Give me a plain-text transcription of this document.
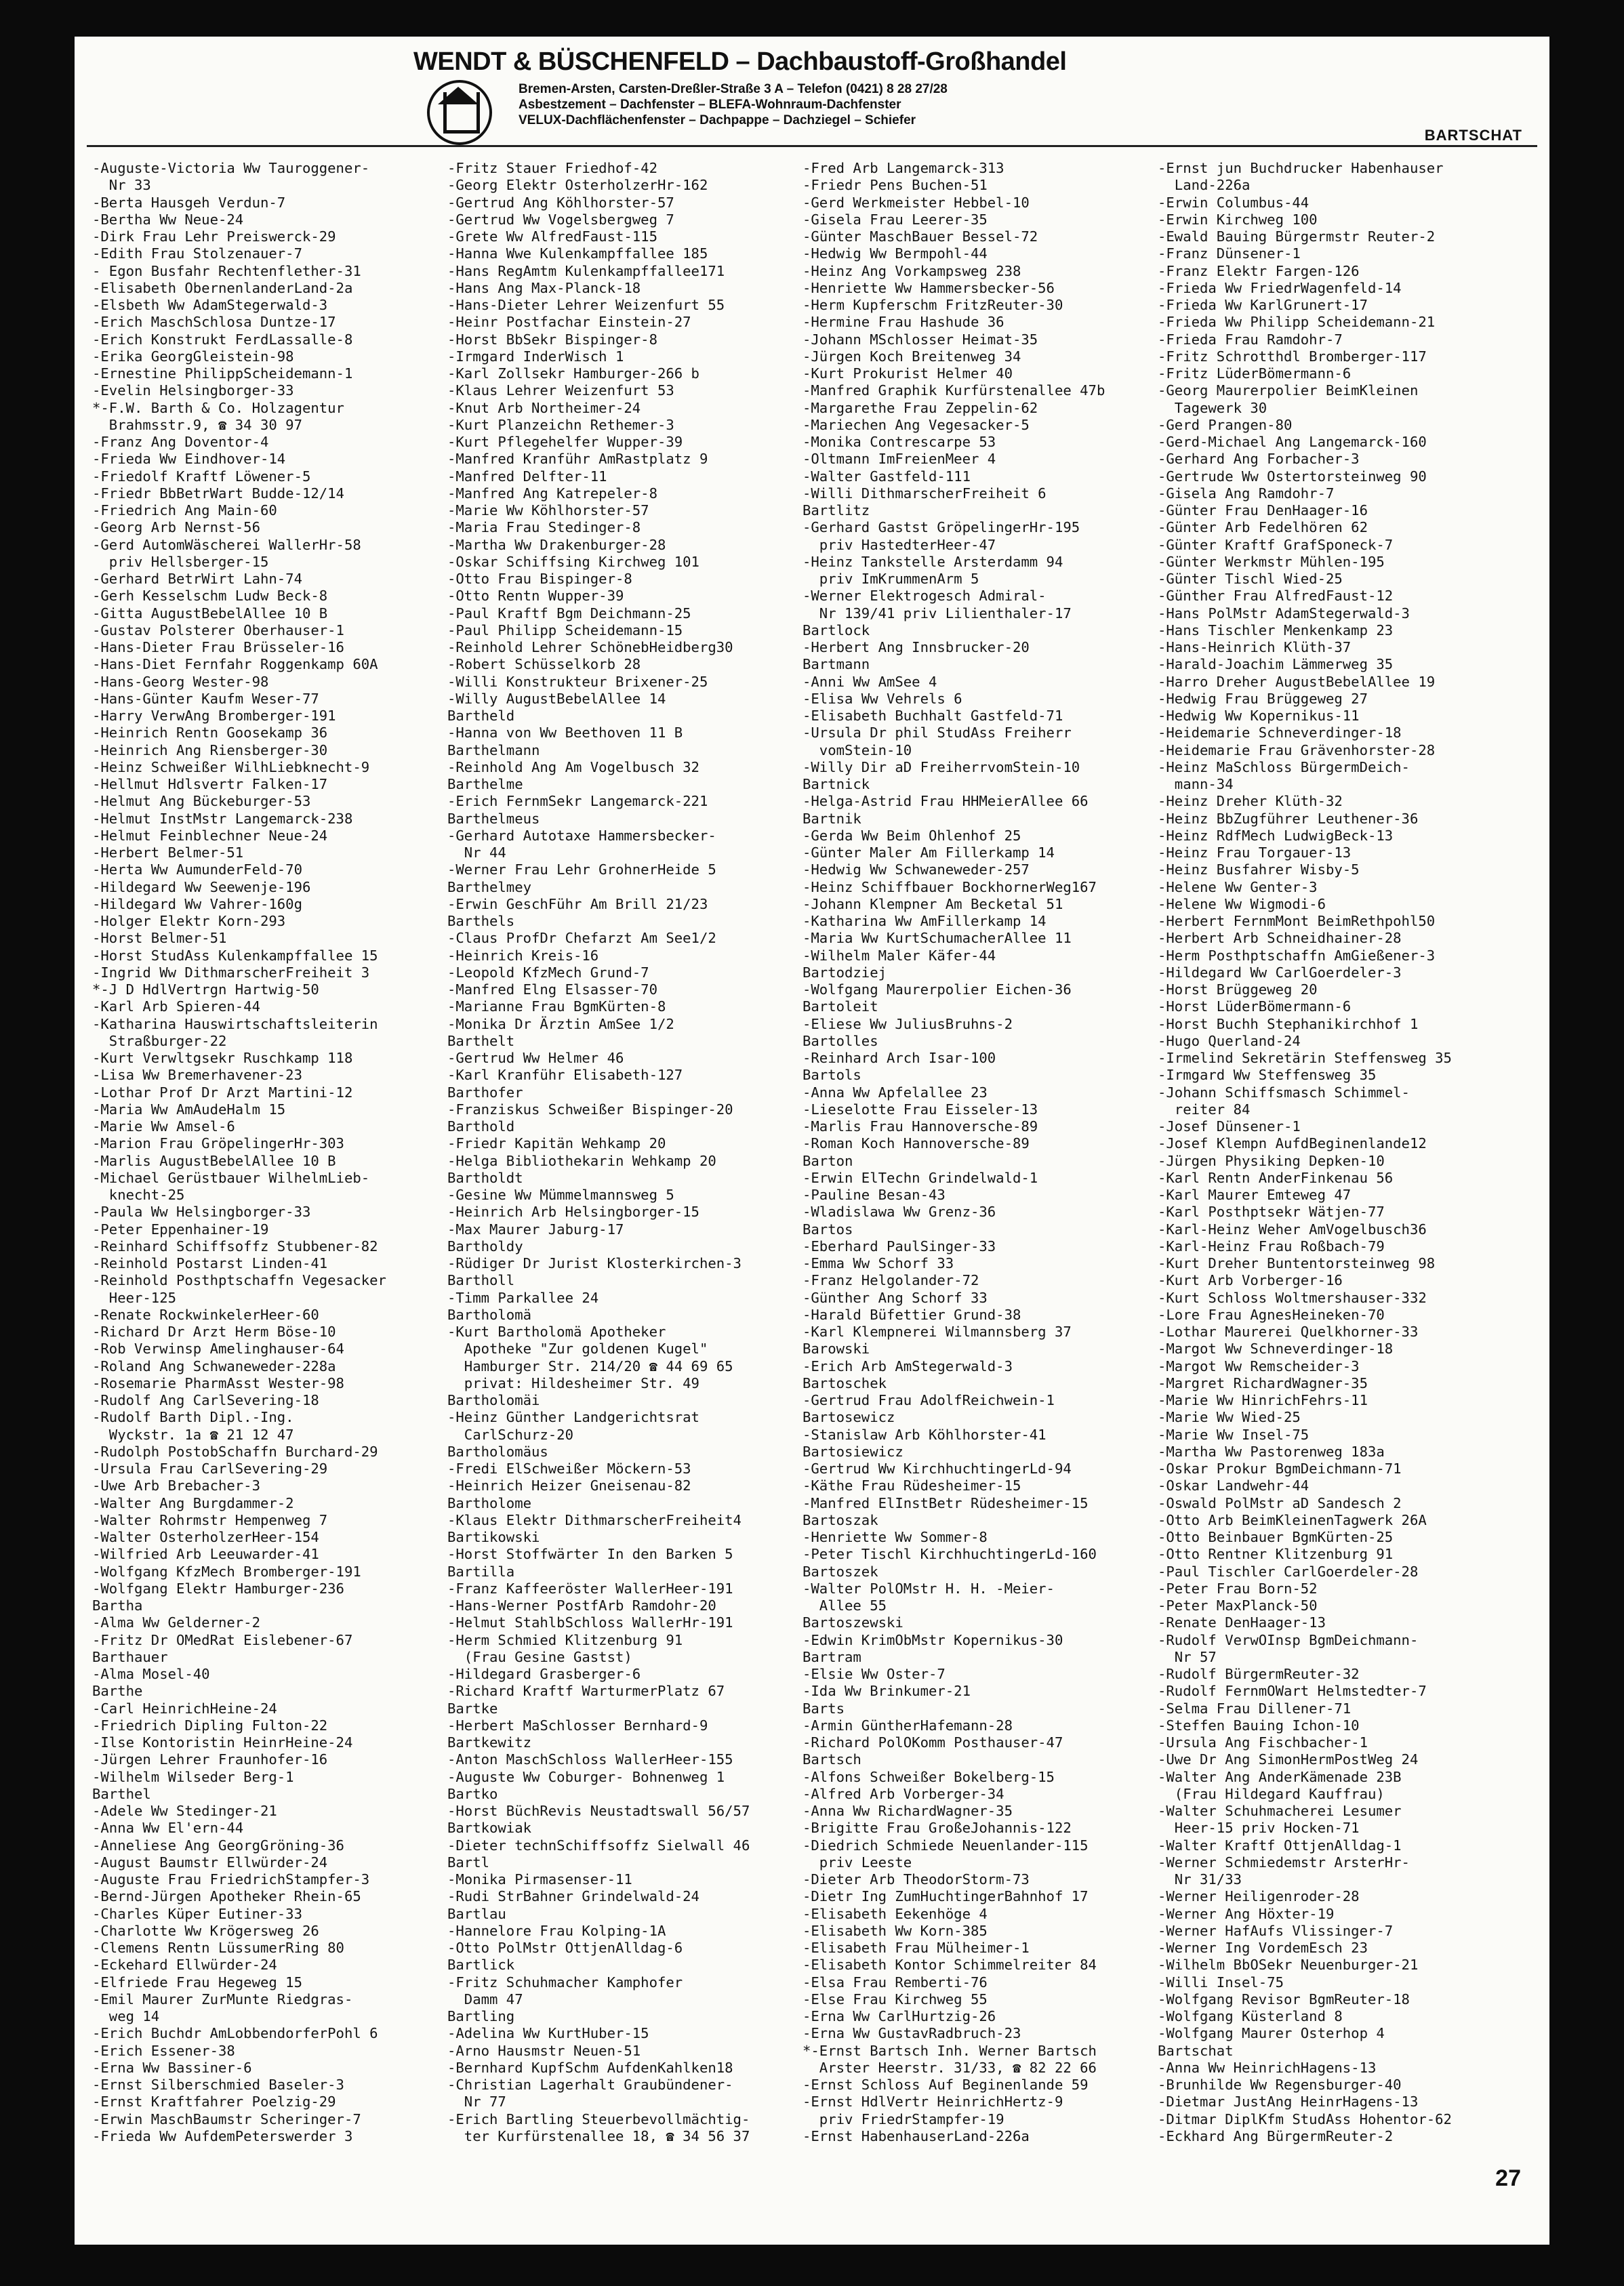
WENDT & BÜSCHENFELD – Dachbaustoff-Großhandel
Bremen-Arsten, Carsten-Dreßler-Straße 3 A – Telefon (0421) 8 28 27/28
Asbestzement – Dachfenster – BLEFA-Wohnraum-Dachfenster
VELUX-Dachflächenfenster – Dachpappe – Dachziegel – Schiefer
BARTSCHAT
-Auguste-Victoria Ww Tauroggener-
Nr 33
-Berta Hausgeh Verdun-7
-Bertha Ww Neue-24
-Dirk Frau Lehr Preiswerck-29
-Edith Frau Stolzenauer-7
- Egon Busfahr Rechtenflether-31
-Elisabeth ObernenlanderLand-2a
-Elsbeth Ww AdamStegerwald-3
-Erich MaschSchlosa Duntze-17
-Erich Konstrukt FerdLassalle-8
-Erika GeorgGleistein-98
-Ernestine PhilippScheidemann-1
-Evelin Helsingborger-33
*-F.W. Barth & Co. Holzagentur
Brahmsstr.9, ☎ 34 30 97
-Franz Ang Doventor-4
-Frieda Ww Eindhover-14
-Friedolf Kraftf Löwener-5
-Friedr BbBetrWart Budde-12/14
-Friedrich Ang Main-60
-Georg Arb Nernst-56
-Gerd AutomWäscherei WallerHr-58
priv Hellsberger-15
-Gerhard BetrWirt Lahn-74
-Gerh Kesselschm Ludw Beck-8
-Gitta AugustBebelAllee 10 B
-Gustav Polsterer Oberhauser-1
-Hans-Dieter Frau Brüsseler-16
-Hans-Diet Fernfahr Roggenkamp 60A
-Hans-Georg Wester-98
-Hans-Günter Kaufm Weser-77
-Harry VerwAng Bromberger-191
-Heinrich Rentn Goosekamp 36
-Heinrich Ang Riensberger-30
-Heinz Schweißer WilhLiebknecht-9
-Hellmut Hdlsvertr Falken-17
-Helmut Ang Bückeburger-53
-Helmut InstMstr Langemarck-238
-Helmut Feinblechner Neue-24
-Herbert Belmer-51
-Herta Ww AumunderFeld-70
-Hildegard Ww Seewenje-196
-Hildegard Ww Vahrer-160g
-Holger Elektr Korn-293
-Horst Belmer-51
-Horst StudAss Kulenkampffallee 15
-Ingrid Ww DithmarscherFreiheit 3
*-J D HdlVertrgn Hartwig-50
-Karl Arb Spieren-44
-Katharina Hauswirtschaftsleiterin
Straßburger-22
-Kurt Verwltgsekr Ruschkamp 118
-Lisa Ww Bremerhavener-23
-Lothar Prof Dr Arzt Martini-12
-Maria Ww AmAudeHalm 15
-Marie Ww Amsel-6
-Marion Frau GröpelingerHr-303
-Marlis AugustBebelAllee 10 B
-Michael Gerüstbauer WilhelmLieb-
knecht-25
-Paula Ww Helsingborger-33
-Peter Eppenhainer-19
-Reinhard Schiffsoffz Stubbener-82
-Reinhold Postarst Linden-41
-Reinhold Posthptschaffn Vegesacker
Heer-125
-Renate RockwinkelerHeer-60
-Richard Dr Arzt Herm Böse-10
-Rob Verwinsp Amelinghauser-64
-Roland Ang Schwaneweder-228a
-Rosemarie PharmAsst Wester-98
-Rudolf Ang CarlSevering-18
-Rudolf Barth Dipl.-Ing.
Wyckstr. 1a ☎ 21 12 47
-Rudolph PostobSchaffn Burchard-29
-Ursula Frau CarlSevering-29
-Uwe Arb Brebacher-3
-Walter Ang Burgdammer-2
-Walter Rohrmstr Hempenweg 7
-Walter OsterholzerHeer-154
-Wilfried Arb Leeuwarder-41
-Wolfgang KfzMech Bromberger-191
-Wolfgang Elektr Hamburger-236
Bartha
-Alma Ww Gelderner-2
-Fritz Dr OMedRat Eislebener-67
Barthauer
-Alma Mosel-40
Barthe
-Carl HeinrichHeine-24
-Friedrich Dipling Fulton-22
-Ilse Kontoristin HeinrHeine-24
-Jürgen Lehrer Fraunhofer-16
-Wilhelm Wilseder Berg-1
Barthel
-Adele Ww Stedinger-21
-Anna Ww El'ern-44
-Anneliese Ang GeorgGröning-36
-August Baumstr Ellwürder-24
-Auguste Frau FriedrichStampfer-3
-Bernd-Jürgen Apotheker Rhein-65
-Charles Küper Eutiner-33
-Charlotte Ww Krögersweg 26
-Clemens Rentn LüssumerRing 80
-Eckehard Ellwürder-24
-Elfriede Frau Hegeweg 15
-Emil Maurer ZurMunte Riedgras-
weg 14
-Erich Buchdr AmLobbendorferPohl 6
-Erich Essener-38
-Erna Ww Bassiner-6
-Ernst Silberschmied Baseler-3
-Ernst Kraftfahrer Poelzig-29
-Erwin MaschBaumstr Scheringer-7
-Frieda Ww AufdemPeterswerder 3
-Fritz Stauer Friedhof-42
-Georg Elektr OsterholzerHr-162
-Gertrud Ang Köhlhorster-57
-Gertrud Ww Vogelsbergweg 7
-Grete Ww AlfredFaust-115
-Hanna Wwe Kulenkampffallee 185
-Hans RegAmtm Kulenkampffallee171
-Hans Ang Max-Planck-18
-Hans-Dieter Lehrer Weizenfurt 55
-Heinr Postfachar Einstein-27
-Horst BbSekr Bispinger-8
-Irmgard InderWisch 1
-Karl Zollsekr Hamburger-266 b
-Klaus Lehrer Weizenfurt 53
-Knut Arb Northeimer-24
-Kurt Planzeichn Rethemer-3
-Kurt Pflegehelfer Wupper-39
-Manfred Kranführ AmRastplatz 9
-Manfred Delfter-11
-Manfred Ang Katrepeler-8
-Marie Ww Köhlhorster-57
-Maria Frau Stedinger-8
-Martha Ww Drakenburger-28
-Oskar Schiffsing Kirchweg 101
-Otto Frau Bispinger-8
-Otto Rentn Wupper-39
-Paul Kraftf Bgm Deichmann-25
-Paul Philipp Scheidemann-15
-Reinhold Lehrer SchönebHeidberg30
-Robert Schüsselkorb 28
-Willi Konstrukteur Brixener-25
-Willy AugustBebelAllee 14
Bartheld
-Hanna von Ww Beethoven 11 B
Barthelmann
-Reinhold Ang Am Vogelbusch 32
Barthelme
-Erich FernmSekr Langemarck-221
Barthelmeus
-Gerhard Autotaxe Hammersbecker-
Nr 44
-Werner Frau Lehr GrohnerHeide 5
Barthelmey
-Erwin GeschFühr Am Brill 21/23
Barthels
-Claus ProfDr Chefarzt Am See1/2
-Heinrich Kreis-16
-Leopold KfzMech Grund-7
-Manfred Elng Elsasser-70
-Marianne Frau BgmKürten-8
-Monika Dr Ärztin AmSee 1/2
Barthelt
-Gertrud Ww Helmer 46
-Karl Kranführ Elisabeth-127
Barthofer
-Franziskus Schweißer Bispinger-20
Barthold
-Friedr Kapitän Wehkamp 20
-Helga Bibliothekarin Wehkamp 20
Bartholdt
-Gesine Ww Mümmelmannsweg 5
-Heinrich Arb Helsingborger-15
-Max Maurer Jaburg-17
Bartholdy
-Rüdiger Dr Jurist Klosterkirchen-3
Bartholl
-Timm Parkallee 24
Bartholomä
-Kurt Bartholomä Apotheker
Apotheke "Zur goldenen Kugel"
Hamburger Str. 214/20 ☎ 44 69 65
privat: Hildesheimer Str. 49
Bartholomäi
-Heinz Günther Landgerichtsrat
CarlSchurz-20
Bartholomäus
-Fredi ElSchweißer Möckern-53
-Heinrich Heizer Gneisenau-82
Bartholome
-Klaus Elektr DithmarscherFreiheit4
Bartikowski
-Horst Stoffwärter In den Barken 5
Bartilla
-Franz Kaffeeröster WallerHeer-191
-Hans-Werner PostfArb Ramdohr-20
-Helmut StahlbSchloss WallerHr-191
-Herm Schmied Klitzenburg 91
(Frau Gesine Gastst)
-Hildegard Grasberger-6
-Richard Kraftf WarturmerPlatz 67
Bartke
-Herbert MaSchlosser Bernhard-9
Bartkewitz
-Anton MaschSchloss WallerHeer-155
-Auguste Ww Coburger- Bohnenweg 1
Bartko
-Horst BüchRevis Neustadtswall 56/57
Bartkowiak
-Dieter technSchiffsoffz Sielwall 46
Bartl
-Monika Pirmasenser-11
-Rudi StrBahner Grindelwald-24
Bartlau
-Hannelore Frau Kolping-1A
-Otto PolMstr OttjenAlldag-6
Bartlick
-Fritz Schuhmacher Kamphofer
Damm 47
Bartling
-Adelina Ww KurtHuber-15
-Arno Hausmstr Neuen-51
-Bernhard KupfSchm AufdenKahlken18
-Christian Lagerhalt Graubündener-
Nr 77
-Erich Bartling Steuerbevollmächtig-
ter Kurfürstenallee 18, ☎ 34 56 37
-Fred Arb Langemarck-313
-Friedr Pens Buchen-51
-Gerd Werkmeister Hebbel-10
-Gisela Frau Leerer-35
-Günter MaschBauer Bessel-72
-Hedwig Ww Bermpohl-44
-Heinz Ang Vorkampsweg 238
-Henriette Ww Hammersbecker-56
-Herm Kupferschm FritzReuter-30
-Hermine Frau Hashude 36
-Johann MSchlosser Heimat-35
-Jürgen Koch Breitenweg 34
-Kurt Prokurist Helmer 40
-Manfred Graphik Kurfürstenallee 47b
-Margarethe Frau Zeppelin-62
-Mariechen Ang Vegesacker-5
-Monika Contrescarpe 53
-Oltmann ImFreienMeer 4
-Walter Gastfeld-111
-Willi DithmarscherFreiheit 6
Bartlitz
-Gerhard Gastst GröpelingerHr-195
priv HastedterHeer-47
-Heinz Tankstelle Arsterdamm 94
priv ImKrummenArm 5
-Werner Elektrogesch Admiral-
Nr 139/41 priv Lilienthaler-17
Bartlock
-Herbert Ang Innsbrucker-20
Bartmann
-Anni Ww AmSee 4
-Elisa Ww Vehrels 6
-Elisabeth Buchhalt Gastfeld-71
-Ursula Dr phil StudAss Freiherr
vomStein-10
-Willy Dir aD FreiherrvomStein-10
Bartnick
-Helga-Astrid Frau HHMeierAllee 66
Bartnik
-Gerda Ww Beim Ohlenhof 25
-Günter Maler Am Fillerkamp 14
-Hedwig Ww Schwaneweder-257
-Heinz Schiffbauer BockhornerWeg167
-Johann Klempner Am Becketal 51
-Katharina Ww AmFillerkamp 14
-Maria Ww KurtSchumacherAllee 11
-Wilhelm Maler Käfer-44
Bartodziej
-Wolfgang Maurerpolier Eichen-36
Bartoleit
-Eliese Ww JuliusBruhns-2
Bartolles
-Reinhard Arch Isar-100
Bartols
-Anna Ww Apfelallee 23
-Lieselotte Frau Eisseler-13
-Marlis Frau Hannoversche-89
-Roman Koch Hannoversche-89
Barton
-Erwin ElTechn Grindelwald-1
-Pauline Besan-43
-Wladislawa Ww Grenz-36
Bartos
-Eberhard PaulSinger-33
-Emma Ww Schorf 33
-Franz Helgolander-72
-Günther Ang Schorf 33
-Harald Büfettier Grund-38
-Karl Klempnerei Wilmannsberg 37
Barowski
-Erich Arb AmStegerwald-3
Bartoschek
-Gertrud Frau AdolfReichwein-1
Bartosewicz
-Stanislaw Arb Köhlhorster-41
Bartosiewicz
-Gertrud Ww KirchhuchtingerLd-94
-Käthe Frau Rüdesheimer-15
-Manfred ElInstBetr Rüdesheimer-15
Bartoszak
-Henriette Ww Sommer-8
-Peter Tischl KirchhuchtingerLd-160
Bartoszek
-Walter PolOMstr H. H. -Meier-
Allee 55
Bartoszewski
-Edwin KrimObMstr Kopernikus-30
Bartram
-Elsie Ww Oster-7
-Ida Ww Brinkumer-21
Barts
-Armin GüntherHafemann-28
-Richard PolOKomm Posthauser-47
Bartsch
-Alfons Schweißer Bokelberg-15
-Alfred Arb Vorberger-34
-Anna Ww RichardWagner-35
-Brigitte Frau GroßeJohannis-122
-Diedrich Schmiede Neuenlander-115
priv Leeste
-Dieter Arb TheodorStorm-73
-Dietr Ing ZumHuchtingerBahnhof 17
-Elisabeth Eekenhöge 4
-Elisabeth Ww Korn-385
-Elisabeth Frau Mülheimer-1
-Elisabeth Kontor Schimmelreiter 84
-Elsa Frau Remberti-76
-Else Frau Kirchweg 55
-Erna Ww CarlHurtzig-26
-Erna Ww GustavRadbruch-23
*-Ernst Bartsch Inh. Werner Bartsch
Arster Heerstr. 31/33, ☎ 82 22 66
-Ernst Schloss Auf Beginenlande 59
-Ernst HdlVertr HeinrichHertz-9
priv FriedrStampfer-19
-Ernst HabenhauserLand-226a
-Ernst jun Buchdrucker Habenhauser
Land-226a
-Erwin Columbus-44
-Erwin Kirchweg 100
-Ewald Bauing Bürgermstr Reuter-2
-Franz Dünsener-1
-Franz Elektr Fargen-126
-Frieda Ww FriedrWagenfeld-14
-Frieda Ww KarlGrunert-17
-Frieda Ww Philipp Scheidemann-21
-Frieda Frau Ramdohr-7
-Fritz Schrotthdl Bromberger-117
-Fritz LüderBömermann-6
-Georg Maurerpolier BeimKleinen
Tagewerk 30
-Gerd Prangen-80
-Gerd-Michael Ang Langemarck-160
-Gerhard Ang Forbacher-3
-Gertrude Ww Ostertorsteinweg 90
-Gisela Ang Ramdohr-7
-Günter Frau DenHaager-16
-Günter Arb Fedelhören 62
-Günter Kraftf GrafSponeck-7
-Günter Werkmstr Mühlen-195
-Günter Tischl Wied-25
-Günther Frau AlfredFaust-12
-Hans PolMstr AdamStegerwald-3
-Hans Tischler Menkenkamp 23
-Hans-Heinrich Klüth-37
-Harald-Joachim Lämmerweg 35
-Harro Dreher AugustBebelAllee 19
-Hedwig Frau Brüggeweg 27
-Hedwig Ww Kopernikus-11
-Heidemarie Schneverdinger-18
-Heidemarie Frau Grävenhorster-28
-Heinz MaSchloss BürgermDeich-
mann-34
-Heinz Dreher Klüth-32
-Heinz BbZugführer Leuthener-36
-Heinz RdfMech LudwigBeck-13
-Heinz Frau Torgauer-13
-Heinz Busfahrer Wisby-5
-Helene Ww Genter-3
-Helene Ww Wigmodi-6
-Herbert FernmMont BeimRethpohl50
-Herbert Arb Schneidhainer-28
-Herm Posthptschaffn AmGießener-3
-Hildegard Ww CarlGoerdeler-3
-Horst Brüggeweg 20
-Horst LüderBömermann-6
-Horst Buchh Stephanikirchhof 1
-Hugo Querland-24
-Irmelind Sekretärin Steffensweg 35
-Irmgard Ww Steffensweg 35
-Johann Schiffsmasch Schimmel-
reiter 84
-Josef Dünsener-1
-Josef Klempn AufdBeginenlande12
-Jürgen Physiking Depken-10
-Karl Rentn AnderFinkenau 56
-Karl Maurer Emteweg 47
-Karl Posthptsekr Wätjen-77
-Karl-Heinz Weher AmVogelbusch36
-Karl-Heinz Frau Roßbach-79
-Kurt Dreher Buntentorsteinweg 98
-Kurt Arb Vorberger-16
-Kurt Schloss Woltmershauser-332
-Lore Frau AgnesHeineken-70
-Lothar Maurerei Quelkhorner-33
-Margot Ww Schneverdinger-18
-Margot Ww Remscheider-3
-Margret RichardWagner-35
-Marie Ww HinrichFehrs-11
-Marie Ww Wied-25
-Marie Ww Insel-75
-Martha Ww Pastorenweg 183a
-Oskar Prokur BgmDeichmann-71
-Oskar Landwehr-44
-Oswald PolMstr aD Sandesch 2
-Otto Arb BeimKleinenTagwerk 26A
-Otto Beinbauer BgmKürten-25
-Otto Rentner Klitzenburg 91
-Paul Tischler CarlGoerdeler-28
-Peter Frau Born-52
-Peter MaxPlanck-50
-Renate DenHaager-13
-Rudolf VerwOInsp BgmDeichmann-
Nr 57
-Rudolf BürgermReuter-32
-Rudolf FernmOWart Helmstedter-7
-Selma Frau Dillener-71
-Steffen Bauing Ichon-10
-Ursula Ang Fischbacher-1
-Uwe Dr Ang SimonHermPostWeg 24
-Walter Ang AnderKämenade 23B
(Frau Hildegard Kauffrau)
-Walter Schuhmacherei Lesumer
Heer-15 priv Hocken-71
-Walter Kraftf OttjenAlldag-1
-Werner Schmiedemstr ArsterHr-
Nr 31/33
-Werner Heiligenroder-28
-Werner Ang Höxter-19
-Werner HafAufs Vlissinger-7
-Werner Ing VordemEsch 23
-Wilhelm BbOSekr Neuenburger-21
-Willi Insel-75
-Wolfgang Revisor BgmReuter-18
-Wolfgang Küsterland 8
-Wolfgang Maurer Osterhop 4
Bartschat
-Anna Ww HeinrichHagens-13
-Brunhilde Ww Regensburger-40
-Dietmar JustAng HeinrHagens-13
-Ditmar DiplKfm StudAss Hohentor-62
-Eckhard Ang BürgermReuter-2
27
